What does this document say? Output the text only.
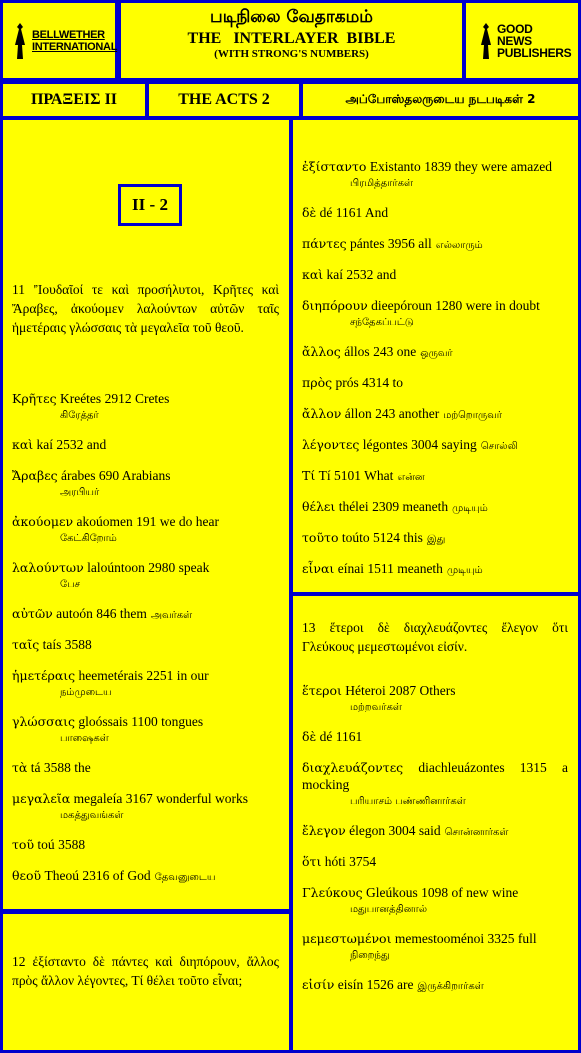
BELLWETHER INTERNATIONAL
படிநிலை வேதாகமம்
THE   INTERLAYER  BIBLE
(WITH STRONG'S NUMBERS)
GOOD NEWS PUBLISHERS
ΠΡΑΞΕΙΣ ΙΙ	THE ACTS 2	அப்போஸ்தலருடைய நடபடிகள் 2
II - 2
11 'Ἰουδαῖοί τε καὶ προσήλυτοι, Κρῆτες καὶ Ἄραβες, ἀκούομεν λαλούντων αὐτῶν ταῖς ἡμετέραις γλώσσαις τὰ μεγαλεῖα τοῦ θεοῦ.
Κρῆτες Kreétes 2912 Cretes
கிரேத்தர்
καὶ kaí 2532 and
Ἄραβες árabes 690 Arabians
அரபியர்
ἀκούομεν akoúomen 191 we do hear
கேட்கிறோம்
λαλούντων laloúntoon 2980 speak
பேச
αὐτῶν autoón 846 them அவர்கள்
ταῖς taís 3588
ἡμετέραις heemetérais 2251 in our
நம்முடைய
γλώσσαις gloóssais 1100 tongues
பாஷைகள்
τὰ tá 3588 the
μεγαλεῖα megaleía 3167 wonderful works
மகத்துவங்கள்
τοῦ toú 3588
θεοῦ Theoú 2316 of God தேவனுடைய
12 ἐξίσταντο δὲ πάντες καὶ διηπόρουν, ἄλλος πρὸς ἄλλον λέγοντες, Τί θέλει τοῦτο εἶναι;
ἐξίσταντο Existanto 1839 they were amazed
பிரமித்தார்கள்
δὲ dé 1161 And
πάντες pántes 3956 all எல்லாரும்
καὶ kaí 2532 and
διηπόρουν dieepóroun 1280 were in doubt
சந்தேகப்பட்டு
ἄλλος állos 243 one ஒருவர்
πρὸς prós 4314 to
ἄλλον állon 243 another மற்றொருவர்
λέγοντες légontes 3004 saying சொல்லி
Τί Tí 5101 What என்ன
θέλει thélei 2309 meaneth முடியும்
τοῦτο toúto 5124 this இது
εἶναι eínai 1511 meaneth முடியும்
13 ἕτεροι δὲ διαχλευάζοντες ἔλεγον ὅτι Γλεύκους μεμεστωμένοι εἰσίν.
ἕτεροι Héteroi 2087 Others
மற்றவர்கள்
δὲ dé 1161
διαχλευάζοντες diachleuázontes 1315 a mocking
பரியாசம் பண்ணினார்கள்
ἔλεγον élegon 3004 said சொன்னார்கள்
ὅτι hóti 3754
Γλεύκους Gleúkous 1098 of new wine
மதுபானத்தினால்
μεμεστωμένοι memestooménoi 3325 full
நிறைந்து
εἰσίν eisín 1526 are இருக்கிறார்கள்
